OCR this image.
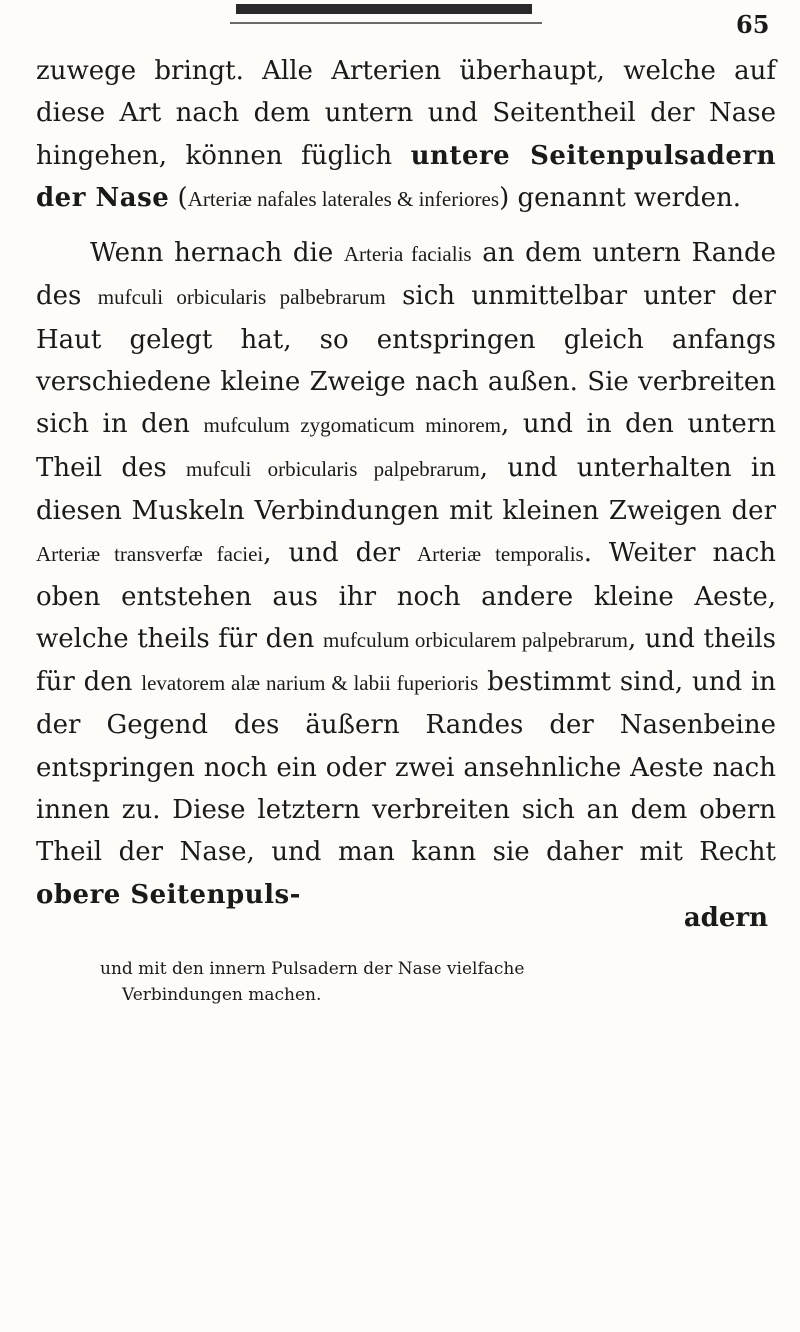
65

zuwege bringt. Alle Arterien überhaupt, welche auf diese Art nach dem untern und Seitentheil der Nase hingehen, können füglich untere Seitenpulsadern der Nase (Arteriæ nafales laterales & inferiores) genannt werden.

Wenn hernach die Arteria facialis an dem untern Rande des mufculi orbicularis palbebrarum sich unmittelbar unter der Haut gelegt hat, so entspringen gleich anfangs verschiedene kleine Zweige nach außen. Sie verbreiten sich in den mufculum zygomaticum minorem, und in den untern Theil des mufculi orbicularis palpebrarum, und unterhalten in diesen Muskeln Verbindungen mit kleinen Zweigen der Arteriæ transverfæ faciei, und der Arteriæ temporalis. Weiter nach oben entstehen aus ihr noch andere kleine Aeste, welche theils für den mufculum orbicularem palpebrarum, und theils für den levatorem alæ narium & labii fuperioris bestimmt sind, und in der Gegend des äußern Randes der Nasenbeine entspringen noch ein oder zwei ansehnliche Aeste nach innen zu. Diese letztern verbreiten sich an dem obern Theil der Nase, und man kann sie daher mit Recht obere Seitenpuls-

adern

und mit den innern Pulsadern der Nase vielfache

Verbindungen machen.
